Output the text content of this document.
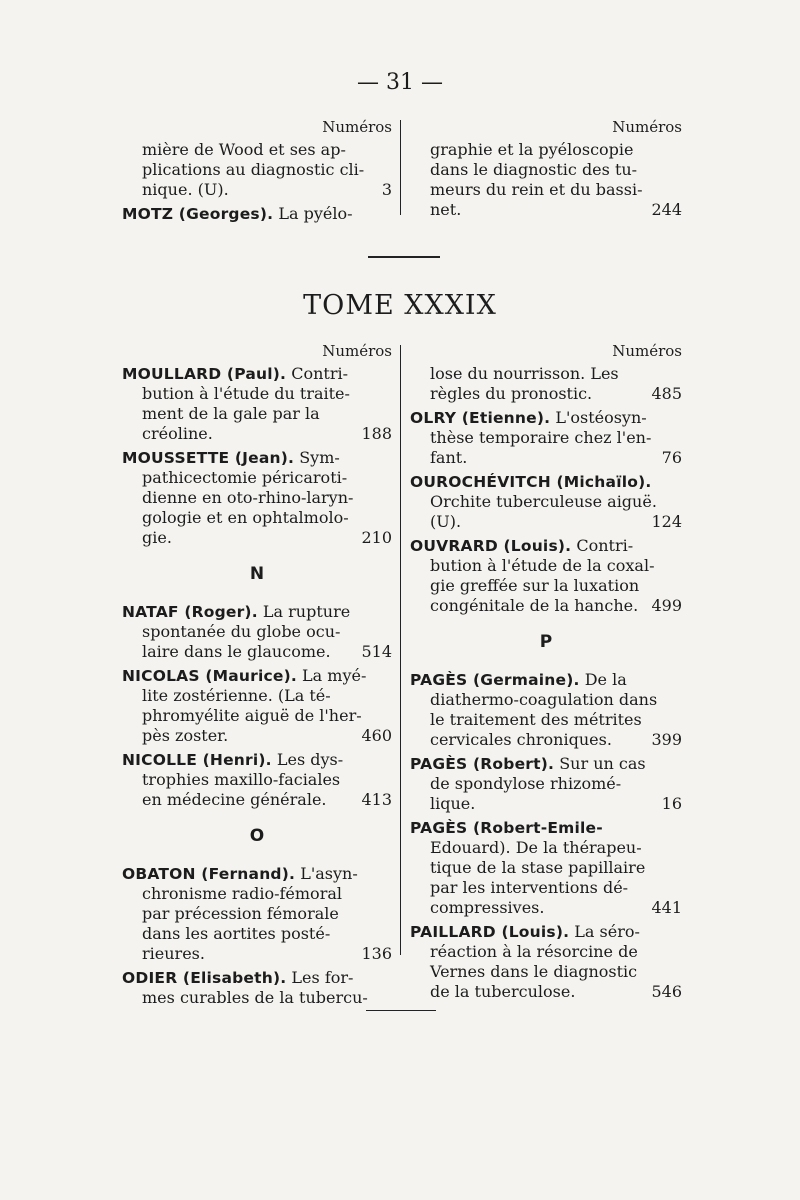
— 31 —
Numéros
mière de Wood et ses ap-
plications au diagnostic cli-
nique. (U).	3
MOTZ (Georges). La pyélo-
Numéros
graphie et la pyéloscopie
dans le diagnostic des tu-
meurs du rein et du bassi-
net.	244
TOME XXXIX
Numéros
MOULLARD (Paul). Contri-
bution à l'étude du traite-
ment de la gale par la
créoline.	188
MOUSSETTE (Jean). Sym-
pathicectomie péricaroti-
dienne en oto-rhino-laryn-
gologie et en ophtalmolo-
gie.	210
N
NATAF (Roger). La rupture
spontanée du globe ocu-
laire dans le glaucome.	514
NICOLAS (Maurice). La myé-
lite zostérienne. (La té-
phromyélite aiguë de l'her-
pès zoster.	460
NICOLLE (Henri). Les dys-
trophies maxillo-faciales
en médecine générale.	413
O
OBATON (Fernand). L'asyn-
chronisme radio-fémoral
par précession fémorale
dans les aortites posté-
rieures.	136
ODIER (Elisabeth). Les for-
mes curables de la tubercu-
Numéros
lose du nourrisson. Les
règles du pronostic.	485
OLRY (Etienne). L'ostéosyn-
thèse temporaire chez l'en-
fant.	76
OUROCHÉVITCH (Michaïlo).
Orchite tuberculeuse aiguë.
(U).	124
OUVRARD (Louis). Contri-
bution à l'étude de la coxal-
gie greffée sur la luxation
congénitale de la hanche. 499
P
PAGÈS (Germaine). De la
diathermo-coagulation dans
le traitement des métrites
cervicales chroniques.	399
PAGÈS (Robert). Sur un cas
de spondylose rhizomé-
lique.	16
PAGÈS (Robert-Emile-
Edouard). De la thérapeu-
tique de la stase papillaire
par les interventions dé-
compressives.	441
PAILLARD (Louis). La séro-
réaction à la résorcine de
Vernes dans le diagnostic
de la tuberculose.	546
